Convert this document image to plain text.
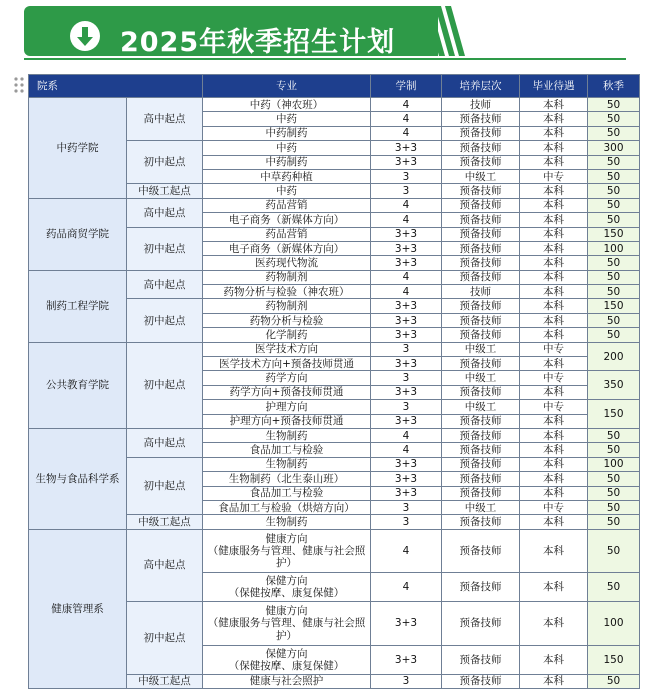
2025年秋季招生计划
院系		专业	学制	培养层次	毕业待遇	秋季
中药学院	高中起点	中药（神农班）	4	技师	本科	50
		中药	4	预备技师	本科	50
		中药制药	4	预备技师	本科	50
	初中起点	中药	3+3	预备技师	本科	300
		中药制药	3+3	预备技师	本科	50
		中草药种植	3	中级工	中专	50
	中级工起点	中药	3	预备技师	本科	50
药品商贸学院	高中起点	药品营销	4	预备技师	本科	50
		电子商务（新媒体方向）	4	预备技师	本科	50
	初中起点	药品营销	3+3	预备技师	本科	150
		电子商务（新媒体方向）	3+3	预备技师	本科	100
		医药现代物流	3+3	预备技师	本科	50
制药工程学院	高中起点	药物制剂	4	预备技师	本科	50
		药物分析与检验（神农班）	4	技师	本科	50
	初中起点	药物制剂	3+3	预备技师	本科	150
		药物分析与检验	3+3	预备技师	本科	50
		化学制药	3+3	预备技师	本科	50
公共教育学院	初中起点	医学技术方向	3	中级工	中专	200
		医学技术方向+预备技师贯通	3+3	预备技师	本科	
		药学方向	3	中级工	中专	350
		药学方向+预备技师贯通	3+3	预备技师	本科	
		护理方向	3	中级工	中专	150
		护理方向+预备技师贯通	3+3	预备技师	本科	
生物与食品科学系	高中起点	生物制药	4	预备技师	本科	50
		食品加工与检验	4	预备技师	本科	50
	初中起点	生物制药	3+3	预备技师	本科	100
		生物制药（北生泰山班）	3+3	预备技师	本科	50
		食品加工与检验	3+3	预备技师	本科	50
		食品加工与检验（烘焙方向）	3	中级工	中专	50
	中级工起点	生物制药	3	预备技师	本科	50
健康管理系	高中起点	健康方向
（健康服务与管理、健康与社会照护）	4	预备技师	本科	50
		保健方向
（保健按摩、康复保健）	4	预备技师	本科	50
	初中起点	健康方向
（健康服务与管理、健康与社会照护）	3+3	预备技师	本科	100
		保健方向
（保健按摩、康复保健）	3+3	预备技师	本科	150
	中级工起点	健康与社会照护	3	预备技师	本科	50
